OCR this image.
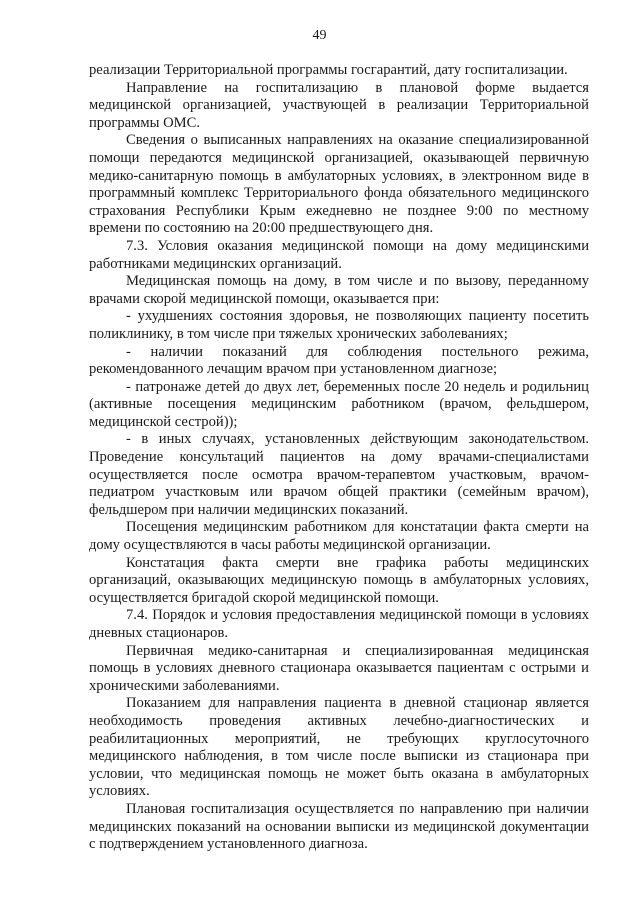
49

реализации Территориальной программы госгарантий, дату госпитализации.

Направление на госпитализацию в плановой форме выдается медицинской организацией, участвующей в реализации Территориальной программы ОМС.

Сведения о выписанных направлениях на оказание специализированной помощи передаются медицинской организацией, оказывающей первичную медико-санитарную помощь в амбулаторных условиях, в электронном виде в программный комплекс Территориального фонда обязательного медицинского страхования Республики Крым ежедневно не позднее 9:00 по местному времени по состоянию на 20:00 предшествующего дня.

7.3. Условия оказания медицинской помощи на дому медицинскими работниками медицинских организаций.

Медицинская помощь на дому, в том числе и по вызову, переданному врачами скорой медицинской помощи, оказывается при:

- ухудшениях состояния здоровья, не позволяющих пациенту посетить поликлинику, в том числе при тяжелых хронических заболеваниях;

- наличии показаний для соблюдения постельного режима, рекомендованного лечащим врачом при установленном диагнозе;

- патронаже детей до двух лет, беременных после 20 недель и родильниц (активные посещения медицинским работником (врачом, фельдшером, медицинской сестрой));

- в иных случаях, установленных действующим законодательством. Проведение консультаций пациентов на дому врачами-специалистами осуществляется после осмотра врачом-терапевтом участковым, врачом-педиатром участковым или врачом общей практики (семейным врачом), фельдшером при наличии медицинских показаний.

Посещения медицинским работником для констатации факта смерти на дому осуществляются в часы работы медицинской организации.

Констатация факта смерти вне графика работы медицинских организаций, оказывающих медицинскую помощь в амбулаторных условиях, осуществляется бригадой скорой медицинской помощи.

7.4. Порядок и условия предоставления медицинской помощи в условиях дневных стационаров.

Первичная медико-санитарная и специализированная медицинская помощь в условиях дневного стационара оказывается пациентам с острыми и хроническими заболеваниями.

Показанием для направления пациента в дневной стационар является необходимость проведения активных лечебно-диагностических и реабилитационных мероприятий, не требующих круглосуточного медицинского наблюдения, в том числе после выписки из стационара при условии, что медицинская помощь не может быть оказана в амбулаторных условиях.

Плановая госпитализация осуществляется по направлению при наличии медицинских показаний на основании выписки из медицинской документации с подтверждением установленного диагноза.
